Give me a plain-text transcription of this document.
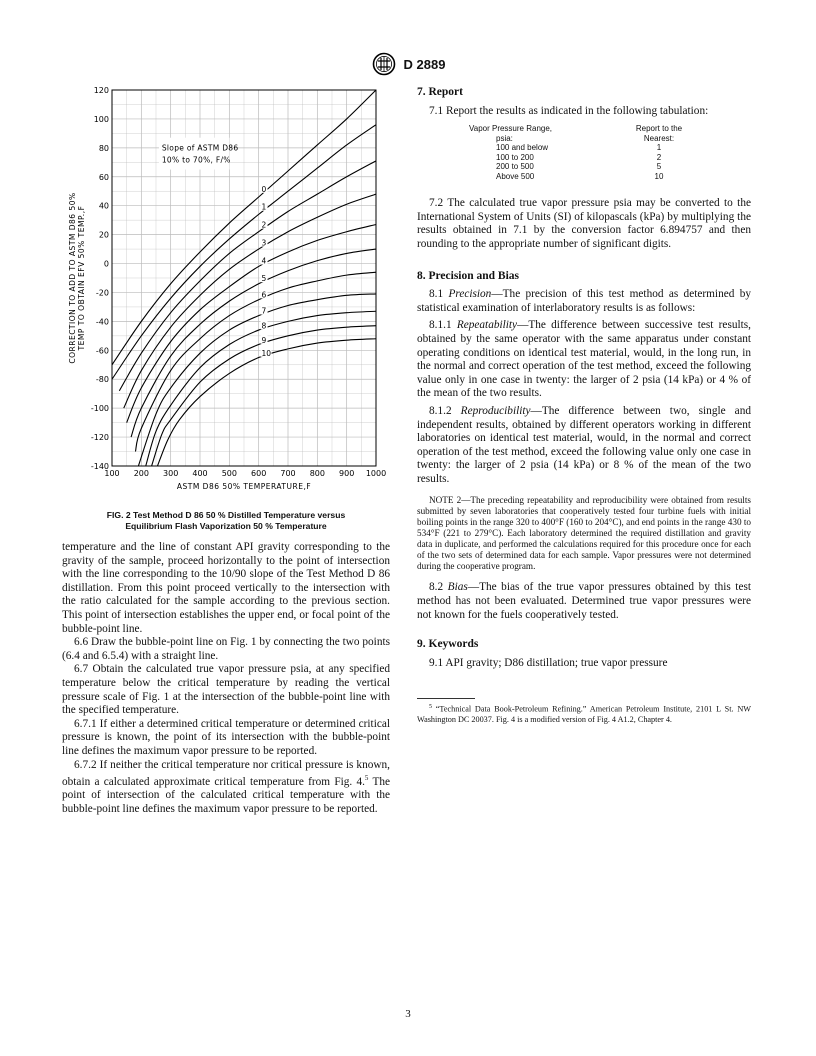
D 2889
100 200 300 400 500 600 700 800 900 1000
120
100
80
60
40
20
0
-20
-40
-60
-80
-100
-120
-140
ASTM D86 50% TEMPERATURE,F
CORRECTION TO ADD TO ASTM D86 50% TEMP TO OBTAIN EFV 50% TEMP.,F
Slope of ASTM D86
10% to 70%, F/%
0
1
2
3
4
5
6
7
8
9
10
FIG. 2 Test Method D 86 50 % Distilled Temperature versus
Equilibrium Flash Vaporization 50 % Temperature

temperature and the line of constant API gravity corresponding to the gravity of the sample, proceed horizontally to the point of intersection with the line corresponding to the 10/90 slope of the Test Method D 86 distillation. From this point proceed vertically to the intersection with the ratio calculated for the sample according to the previous section. This point of intersection establishes the upper end, or focal point of the bubble-point line.

6.6 Draw the bubble-point line on Fig. 1 by connecting the two points (6.4 and 6.5.4) with a straight line.

6.7 Obtain the calculated true vapor pressure psia, at any specified temperature below the critical temperature by reading the vertical pressure scale of Fig. 1 at the intersection of the bubble-point line with the specified temperature.

6.7.1 If either a determined critical temperature or determined critical pressure is known, the point of its intersection with the bubble-point line defines the maximum vapor pressure to be reported.

6.7.2 If neither the critical temperature nor critical pressure is known, obtain a calculated approximate critical temperature from Fig. 4.$^5$ The point of intersection of the calculated critical temperature with the bubble-point line defines the maximum vapor pressure to be reported.

7. Report

7.1 Report the results as indicated in the following tabulation:

Vapor Pressure Range,	Report to the
psia:	Nearest:
100 and below	1
100 to 200	2
200 to 500	5
Above 500	10

7.2 The calculated true vapor pressure psia may be converted to the International System of Units (SI) of kilopascals (kPa) by multiplying the results obtained in 7.1 by the conversion factor 6.894757 and then rounding to the appropriate number of significant digits.

8. Precision and Bias

8.1 Precision—The precision of this test method as determined by statistical examination of interlaboratory results is as follows:

8.1.1 Repeatability—The difference between successive test results, obtained by the same operator with the same apparatus under constant operating conditions on identical test material, would, in the long run, in the normal and correct operation of the test method, exceed the following value only in one case in twenty: the larger of 2 psia (14 kPa) or 4 % of the mean of the two results.

8.1.2 Reproducibility—The difference between two, single and independent results, obtained by different operators working in different laboratories on identical test material, would, in the normal and correct operation of the test method, exceed the following value only one case in twenty: the larger of 2 psia (14 kPa) or 8 % of the mean of the two results.

NOTE 2—The preceding repeatability and reproducibility were obtained from results submitted by seven laboratories that cooperatively tested four turbine fuels with initial boiling points in the range 320 to 400°F (160 to 204°C), and end points in the range 430 to 534°F (221 to 279°C). Each laboratory determined the required distillation and gravity data in duplicate, and performed the calculations required for this procedure once for each of the two sets of determined data for each sample. Vapor pressures were not determined during the cooperative program.

8.2 Bias—The bias of the true vapor pressures obtained by this test method has not been evaluated. Determined true vapor pressures were not known for the fuels cooperatively tested.

9. Keywords

9.1 API gravity; D86 distillation; true vapor pressure

$^5$ “Technical Data Book-Petroleum Refining.” American Petroleum Institute, 2101 L St. NW Washington DC 20037. Fig. 4 is a modified version of Fig. 4 A1.2, Chapter 4.

3
